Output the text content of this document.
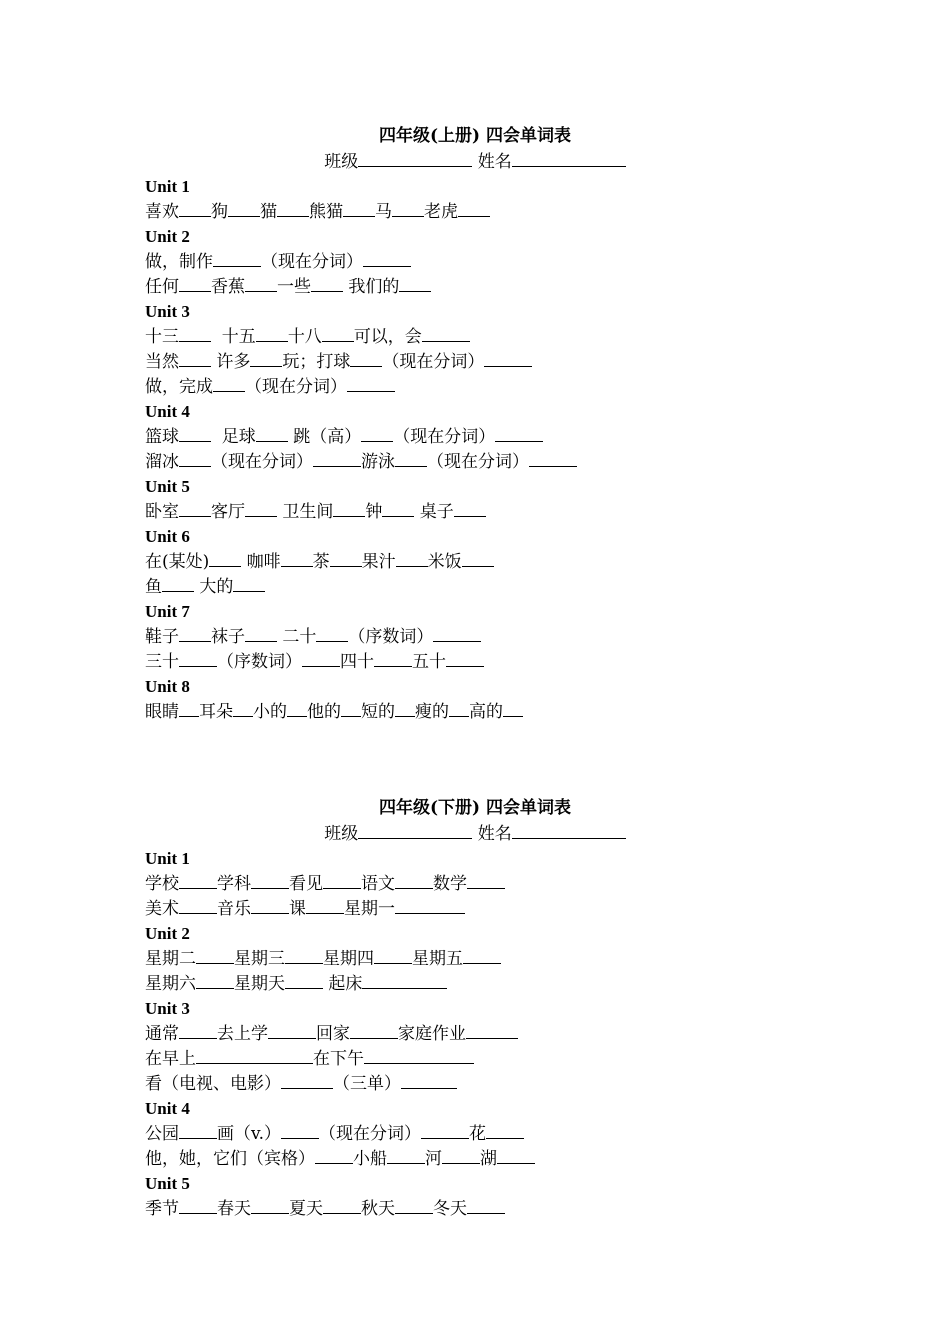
四年级(上册) 四会单词表
班级	姓名
Unit 1
喜欢 狗 猫 熊猫 马 老虎
Unit 2
做，制作	（现在分词）
任何 香蕉 一些 我们的
Unit 3
十三  十五 十八 可以，会
当然 许多 玩；打球 （现在分词）
做，完成 （现在分词）
Unit 4
篮球  足球 跳（高） （现在分词）
溜冰 （现在分词）	游泳 （现在分词）
Unit 5
卧室 客厅 卫生间 钟 桌子
Unit 6
在(某处) 咖啡 茶 果汁 米饭
鱼 大的
Unit 7
鞋子 袜子 二十 （序数词）
三十 （序数词） 四十 五十
Unit 8
眼睛 耳朵 小的 他的 短的 瘦的 高的
四年级(下册) 四会单词表
班级	姓名
Unit 1
学校 学科 看见 语文 数学
美术 音乐 课 星期一
Unit 2
星期二 星期三 星期四 星期五
星期六 星期天 起床
Unit 3
通常 去上学	回家	家庭作业
在早上	在下午
看（电视、电影）	（三单）
Unit 4
公园 画（v.） （现在分词）	花
他，她，它们（宾格） 小船 河 湖
Unit 5
季节 春天 夏天 秋天 冬天
